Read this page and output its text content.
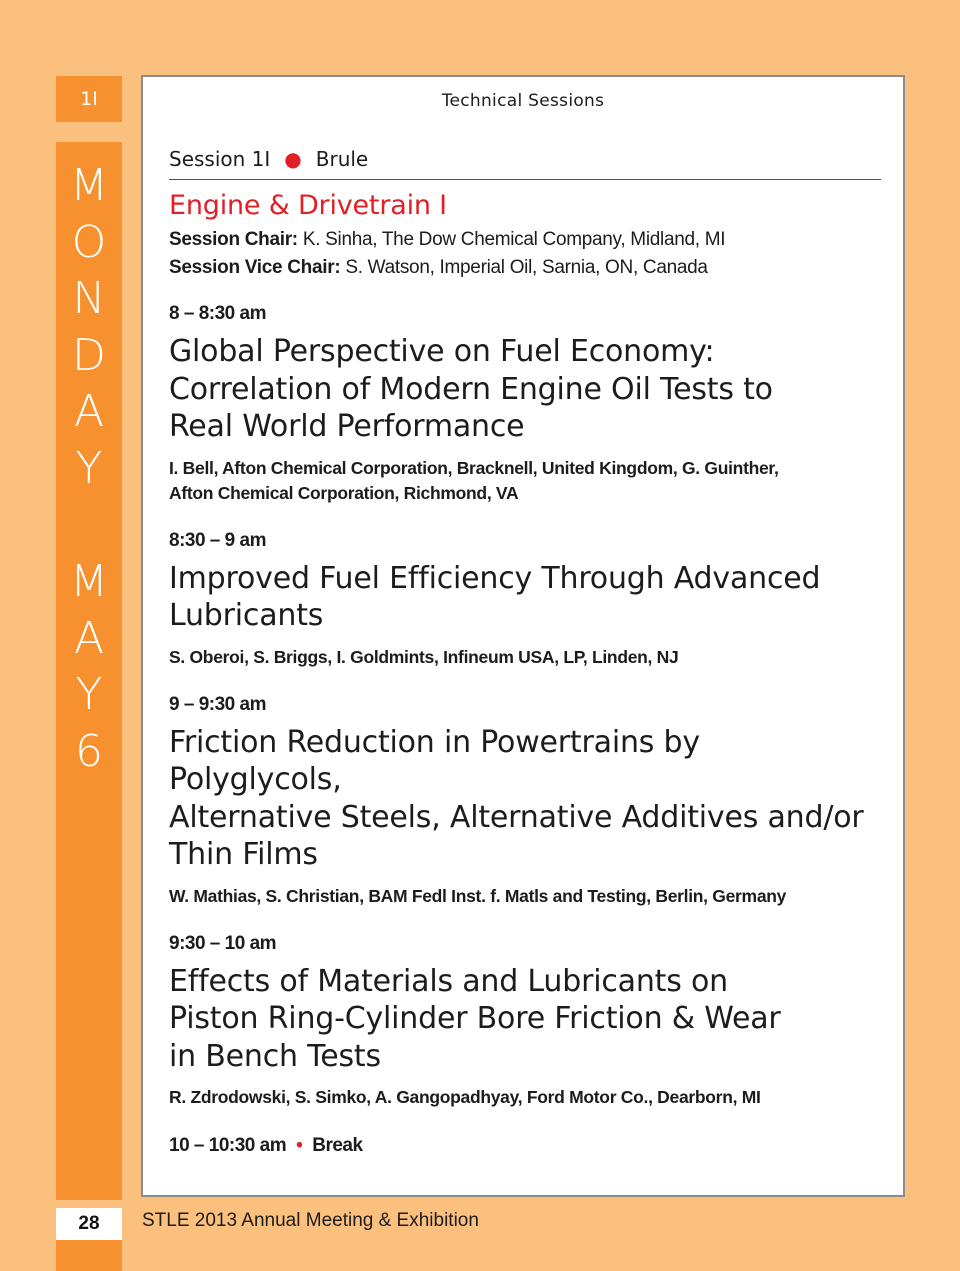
1I
M
O
N
D
A
Y
M
A
Y
6
28	STLE 2013 Annual Meeting & Exhibition
Technical Sessions
Session 1I ● Brule
Engine & Drivetrain I
Session Chair: K. Sinha, The Dow Chemical Company, Midland, MI
Session Vice Chair: S. Watson, Imperial Oil, Sarnia, ON, Canada
8 – 8:30 am
Global Perspective on Fuel Economy:
Correlation of Modern Engine Oil Tests to
Real World Performance
I. Bell, Afton Chemical Corporation, Bracknell, United Kingdom, G. Guinther,
Afton Chemical Corporation, Richmond, VA
8:30 – 9 am
Improved Fuel Efficiency Through Advanced
Lubricants
S. Oberoi, S. Briggs, I. Goldmints, Infineum USA, LP, Linden, NJ
9 – 9:30 am
Friction Reduction in Powertrains by Polyglycols,
Alternative Steels, Alternative Additives and/or
Thin Films
W. Mathias, S. Christian, BAM Fedl Inst. f. Matls and Testing, Berlin, Germany
9:30 – 10 am
Effects of Materials and Lubricants on
Piston Ring-Cylinder Bore Friction & Wear
in Bench Tests
R. Zdrodowski, S. Simko, A. Gangopadhyay, Ford Motor Co., Dearborn, MI
10 – 10:30 am • Break
